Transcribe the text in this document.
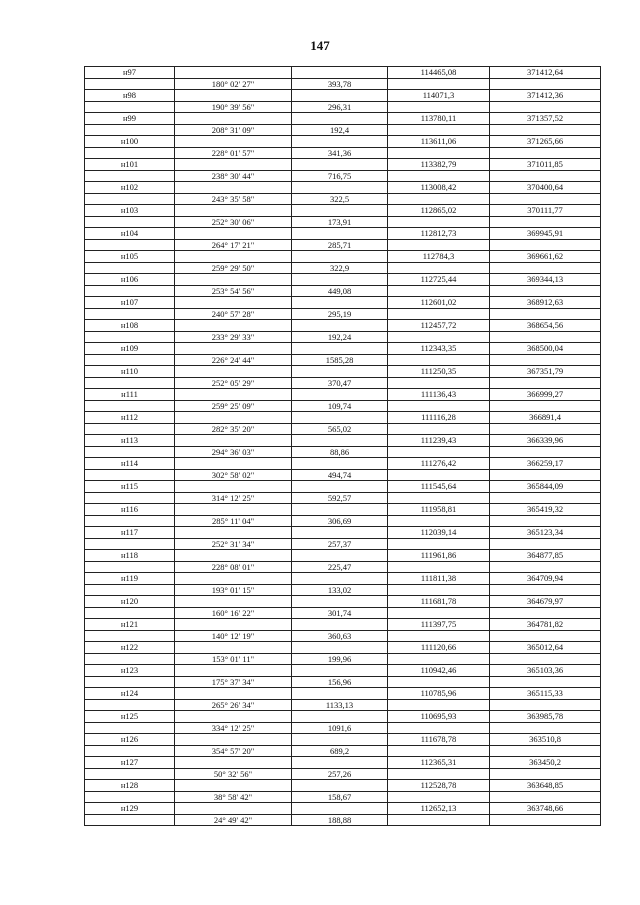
147
н97			114465,08	371412,64
	180° 02' 27"	393,78		
н98			114071,3	371412,36
	190° 39' 56"	296,31		
н99			113780,11	371357,52
	208° 31' 09"	192,4		
н100			113611,06	371265,66
	228° 01' 57"	341,36		
н101			113382,79	371011,85
	238° 30' 44"	716,75		
н102			113008,42	370400,64
	243° 35' 58"	322,5		
н103			112865,02	370111,77
	252° 30' 06"	173,91		
н104			112812,73	369945,91
	264° 17' 21"	285,71		
н105			112784,3	369661,62
	259° 29' 50"	322,9		
н106			112725,44	369344,13
	253° 54' 56"	449,08		
н107			112601,02	368912,63
	240° 57' 28"	295,19		
н108			112457,72	368654,56
	233° 29' 33"	192,24		
н109			112343,35	368500,04
	226° 24' 44"	1585,28		
н110			111250,35	367351,79
	252° 05' 29"	370,47		
н111			111136,43	366999,27
	259° 25' 09"	109,74		
н112			111116,28	366891,4
	282° 35' 20"	565,02		
н113			111239,43	366339,96
	294° 36' 03"	88,86		
н114			111276,42	366259,17
	302° 58' 02"	494,74		
н115			111545,64	365844,09
	314° 12' 25"	592,57		
н116			111958,81	365419,32
	285° 11' 04"	306,69		
н117			112039,14	365123,34
	252° 31' 34"	257,37		
н118			111961,86	364877,85
	228° 08' 01"	225,47		
н119			111811,38	364709,94
	193° 01' 15"	133,02		
н120			111681,78	364679,97
	160° 16' 22"	301,74		
н121			111397,75	364781,82
	140° 12' 19"	360,63		
н122			111120,66	365012,64
	153° 01' 11"	199,96		
н123			110942,46	365103,36
	175° 37' 34"	156,96		
н124			110785,96	365115,33
	265° 26' 34"	1133,13		
н125			110695,93	363985,78
	334° 12' 25"	1091,6		
н126			111678,78	363510,8
	354° 57' 20"	689,2		
н127			112365,31	363450,2
	50° 32' 56"	257,26		
н128			112528,78	363648,85
	38° 58' 42"	158,67		
н129			112652,13	363748,66
	24° 49' 42"	188,88		
